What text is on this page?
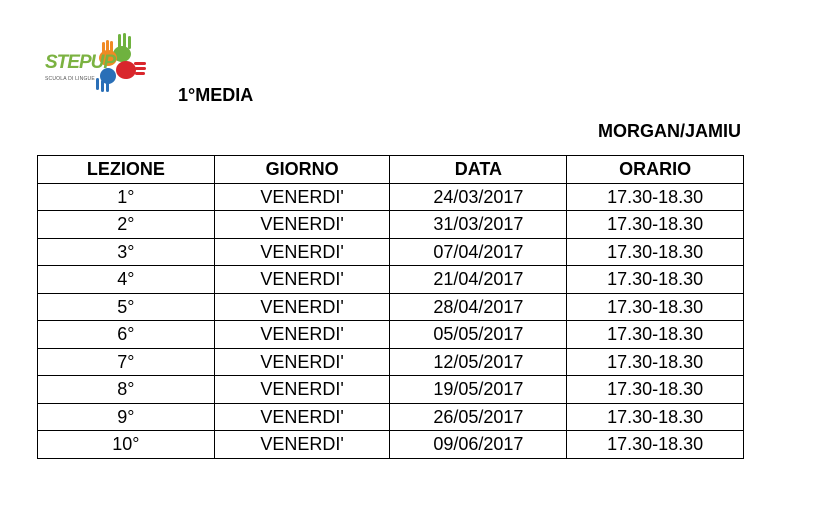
STEPUP
SCUOLA DI LINGUE
1°MEDIA
MORGAN/JAMIU
LEZIONE	GIORNO	DATA	ORARIO
1°	VENERDI'	24/03/2017	17.30-18.30
2°	VENERDI'	31/03/2017	17.30-18.30
3°	VENERDI'	07/04/2017	17.30-18.30
4°	VENERDI'	21/04/2017	17.30-18.30
5°	VENERDI'	28/04/2017	17.30-18.30
6°	VENERDI'	05/05/2017	17.30-18.30
7°	VENERDI'	12/05/2017	17.30-18.30
8°	VENERDI'	19/05/2017	17.30-18.30
9°	VENERDI'	26/05/2017	17.30-18.30
10°	VENERDI'	09/06/2017	17.30-18.30
